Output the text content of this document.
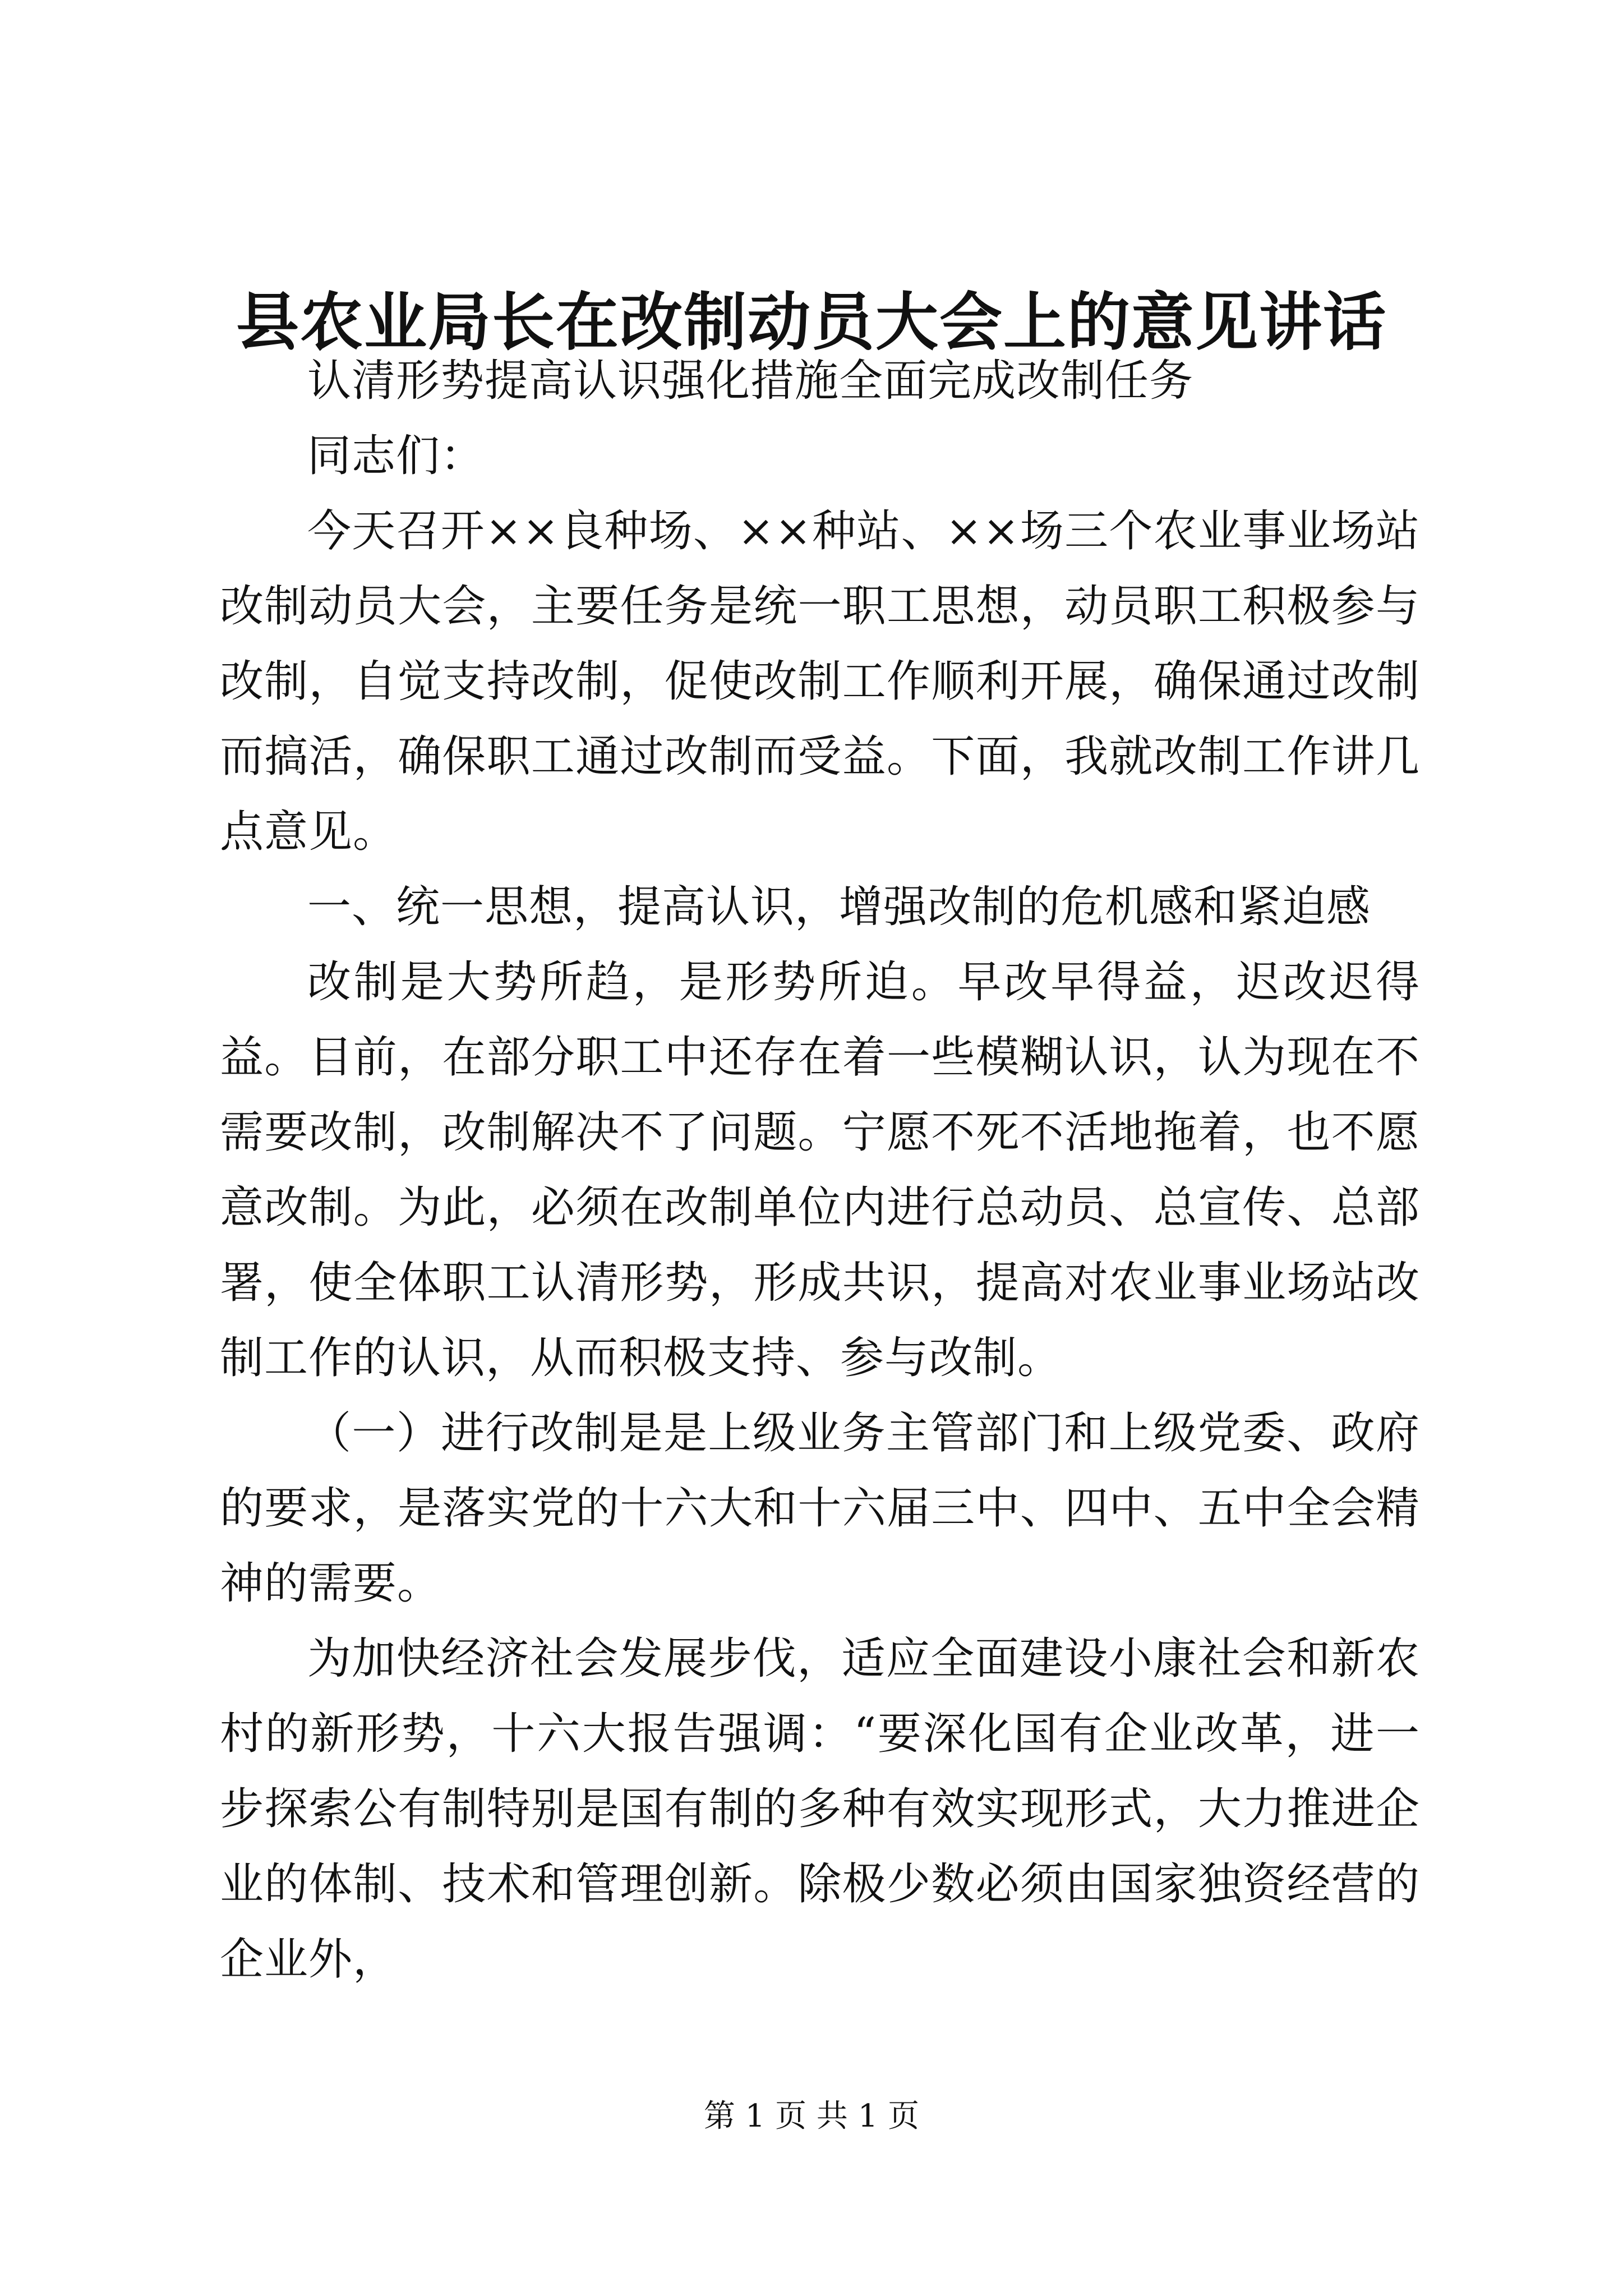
县农业局长在改制动员大会上的意见讲话

认清形势提高认识强化措施全面完成改制任务

同志们：

今天召开××良种场、××种站、××场三个农业事业场站改制动员大会，主要任务是统一职工思想，动员职工积极参与改制，自觉支持改制，促使改制工作顺利开展，确保通过改制而搞活，确保职工通过改制而受益。下面，我就改制工作讲几点意见。

一、统一思想，提高认识，增强改制的危机感和紧迫感

改制是大势所趋，是形势所迫。早改早得益，迟改迟得益。目前，在部分职工中还存在着一些模糊认识，认为现在不需要改制，改制解决不了问题。宁愿不死不活地拖着，也不愿意改制。为此，必须在改制单位内进行总动员、总宣传、总部署，使全体职工认清形势，形成共识，提高对农业事业场站改制工作的认识，从而积极支持、参与改制。

（一）进行改制是是上级业务主管部门和上级党委、政府的要求，是落实党的十六大和十六届三中、四中、五中全会精神的需要。

为加快经济社会发展步伐，适应全面建设小康社会和新农村的新形势，十六大报告强调：“要深化国有企业改革，进一步探索公有制特别是国有制的多种有效实现形式，大力推进企业的体制、技术和管理创新。除极少数必须由国家独资经营的企业外，

第 1 页 共 1 页
